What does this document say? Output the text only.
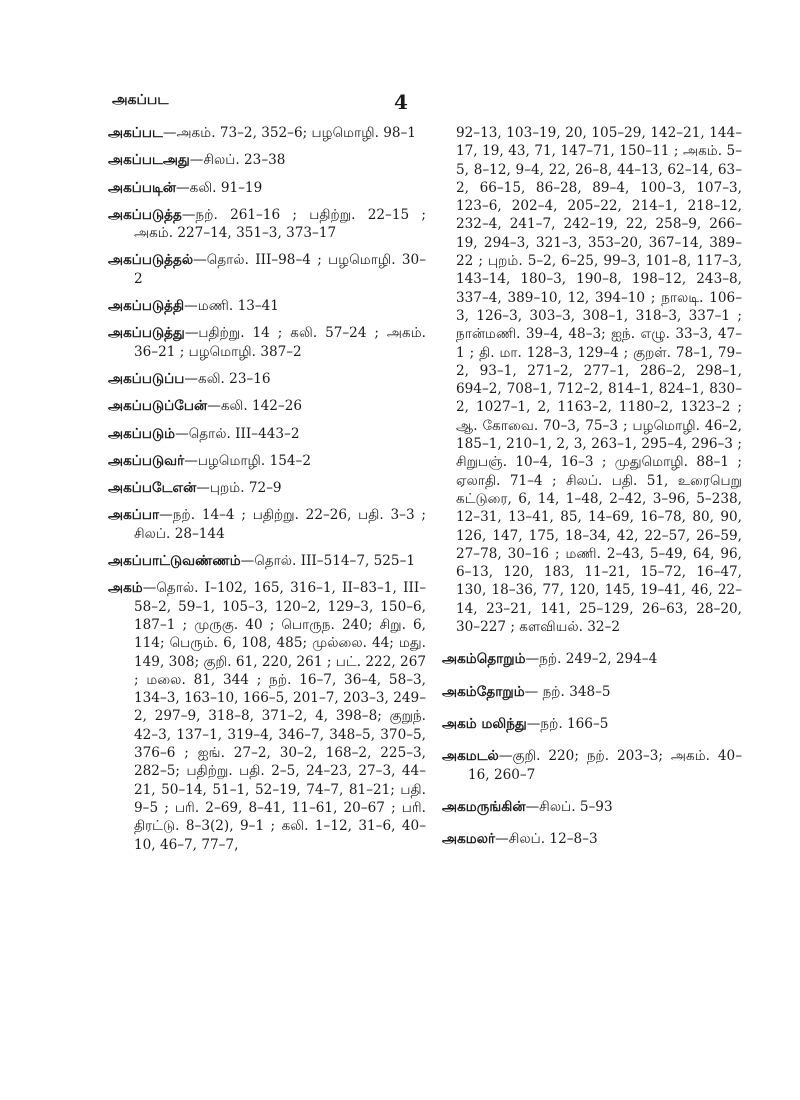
அகப்பட	4
அகப்பட—அகம். 73–2, 352–6; பழமொழி. 98–1
அகப்படஅது—சிலப். 23–38
அகப்படின்—கலி. 91–19
அகப்படுத்த—நற். 261–16 ; பதிற்று. 22–15 ; அகம். 227–14, 351–3, 373–17
அகப்படுத்தல்—தொல். III–98–4 ; பழமொழி. 30–2
அகப்படுத்தி—மணி. 13–41
அகப்படுத்து—பதிற்று. 14 ; கலி. 57–24 ; அகம். 36–21 ; பழமொழி. 387–2
அகப்படுப்ப—கலி. 23–16
அகப்படுப்பேன்—கலி. 142–26
அகப்படும்—தொல். III–443–2
அகப்படுவர்—பழமொழி. 154–2
அகப்படேஎன்—புறம். 72–9
அகப்பா—நற். 14–4 ; பதிற்று. 22–26, பதி. 3–3 ; சிலப். 28–144
அகப்பாட்டுவண்ணம்—தொல். III–514–7, 525–1
அகம்—தொல். I–102, 165, 316–1, II–83–1, III–58–2, 59–1, 105–3, 120–2, 129–3, 150–6, 187–1 ; முருகு. 40 ; பொருந. 240; சிறு. 6, 114; பெரும். 6, 108, 485; முல்லை. 44; மது. 149, 308; குறி. 61, 220, 261 ; பட். 222, 267 ; மலை. 81, 344 ; நற். 16–7, 36–4, 58–3, 134–3, 163–10, 166–5, 201–7, 203–3, 249–2, 297–9, 318–8, 371–2, 4, 398–8; குறுந். 42–3, 137–1, 319–4, 346–7, 348–5, 370–5, 376–6 ; ஐங். 27–2, 30–2, 168–2, 225–3, 282–5; பதிற்று. பதி. 2–5, 24–23, 27–3, 44–21, 50–14, 51–1, 52–19, 74–7, 81–21; பதி. 9–5 ; பரி. 2–69, 8–41, 11–61, 20–67 ; பரி. திரட்டு. 8–3(2), 9–1 ; கலி. 1–12, 31–6, 40–10, 46–7, 77–7,
92–13, 103–19, 20, 105–29, 142–21, 144–17, 19, 43, 71, 147–71, 150–11 ; அகம். 5–5, 8–12, 9–4, 22, 26–8, 44–13, 62–14, 63–2, 66–15, 86–28, 89–4, 100–3, 107–3, 123–6, 202–4, 205–22, 214–1, 218–12, 232–4, 241–7, 242–19, 22, 258–9, 266–19, 294–3, 321–3, 353–20, 367–14, 389–22 ; புறம். 5–2, 6–25, 99–3, 101–8, 117–3, 143–14, 180–3, 190–8, 198–12, 243–8, 337–4, 389–10, 12, 394–10 ; நாலடி. 106–3, 126–3, 303–3, 308–1, 318–3, 337–1 ; நான்மணி. 39–4, 48–3; ஐந். எழு. 33–3, 47–1 ; தி. மா. 128–3, 129–4 ; குறள். 78–1, 79–2, 93–1, 271–2, 277–1, 286–2, 298–1, 694–2, 708–1, 712–2, 814–1, 824–1, 830–2, 1027–1, 2, 1163–2, 1180–2, 1323–2 ; ஆ. கோவை. 70–3, 75–3 ; பழமொழி. 46–2, 185–1, 210–1, 2, 3, 263–1, 295–4, 296–3 ; சிறுபஞ். 10–4, 16–3 ; முதுமொழி. 88–1 ; ஏலாதி. 71–4 ; சிலப். பதி. 51, உரைபெறு கட்டுரை, 6, 14, 1–48, 2–42, 3–96, 5–238, 12–31, 13–41, 85, 14–69, 16–78, 80, 90, 126, 147, 175, 18–34, 42, 22–57, 26–59, 27–78, 30–16 ; மணி. 2–43, 5–49, 64, 96, 6–13, 120, 183, 11–21, 15–72, 16–47, 130, 18–36, 77, 120, 145, 19–41, 46, 22–14, 23–21, 141, 25–129, 26–63, 28–20, 30–227 ; களவியல். 32–2
அகம்தொறும்—நற். 249–2, 294–4
அகம்தோறும்— நற். 348–5
அகம் மலிந்து—நற். 166–5
அகமடல்—குறி. 220; நற். 203–3; அகம். 40–16, 260–7
அகமருங்கின்—சிலப். 5–93
அகமலர்—சிலப். 12–8–3
